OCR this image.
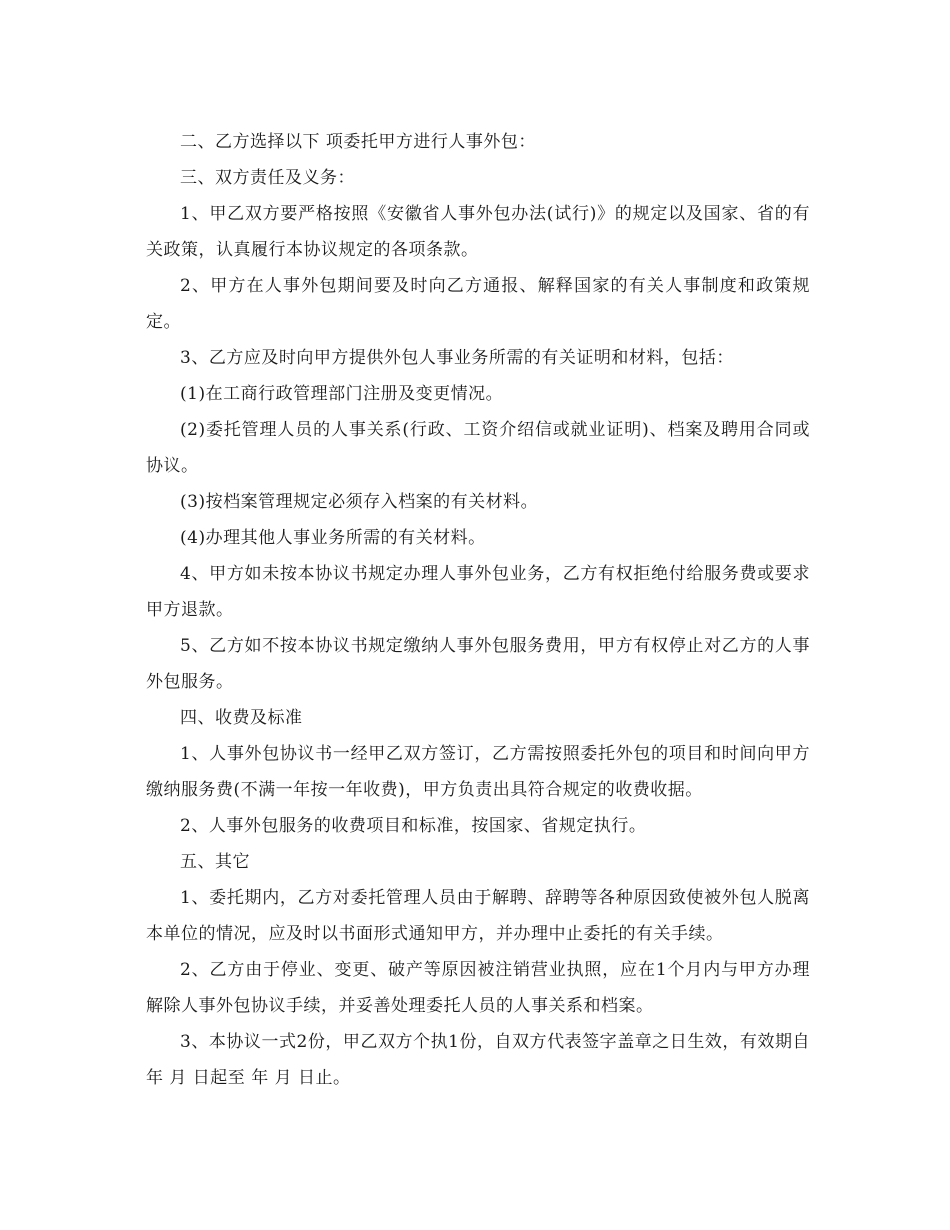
二、乙方选择以下 项委托甲方进行人事外包：

三、双方责任及义务：

1、甲乙双方要严格按照《安徽省人事外包办法(试行)》的规定以及国家、省的有关政策，认真履行本协议规定的各项条款。

2、甲方在人事外包期间要及时向乙方通报、解释国家的有关人事制度和政策规定。

3、乙方应及时向甲方提供外包人事业务所需的有关证明和材料，包括：

(1)在工商行政管理部门注册及变更情况。

(2)委托管理人员的人事关系(行政、工资介绍信或就业证明)、档案及聘用合同或协议。

(3)按档案管理规定必须存入档案的有关材料。

(4)办理其他人事业务所需的有关材料。

4、甲方如未按本协议书规定办理人事外包业务，乙方有权拒绝付给服务费或要求甲方退款。

5、乙方如不按本协议书规定缴纳人事外包服务费用，甲方有权停止对乙方的人事外包服务。

四、收费及标准

1、人事外包协议书一经甲乙双方签订，乙方需按照委托外包的项目和时间向甲方缴纳服务费(不满一年按一年收费)，甲方负责出具符合规定的收费收据。

2、人事外包服务的收费项目和标准，按国家、省规定执行。

五、其它

1、委托期内，乙方对委托管理人员由于解聘、辞聘等各种原因致使被外包人脱离本单位的情况，应及时以书面形式通知甲方，并办理中止委托的有关手续。

2、乙方由于停业、变更、破产等原因被注销营业执照，应在1个月内与甲方办理解除人事外包协议手续，并妥善处理委托人员的人事关系和档案。

3、本协议一式2份，甲乙双方个执1份，自双方代表签字盖章之日生效，有效期自 年 月 日起至 年 月 日止。
